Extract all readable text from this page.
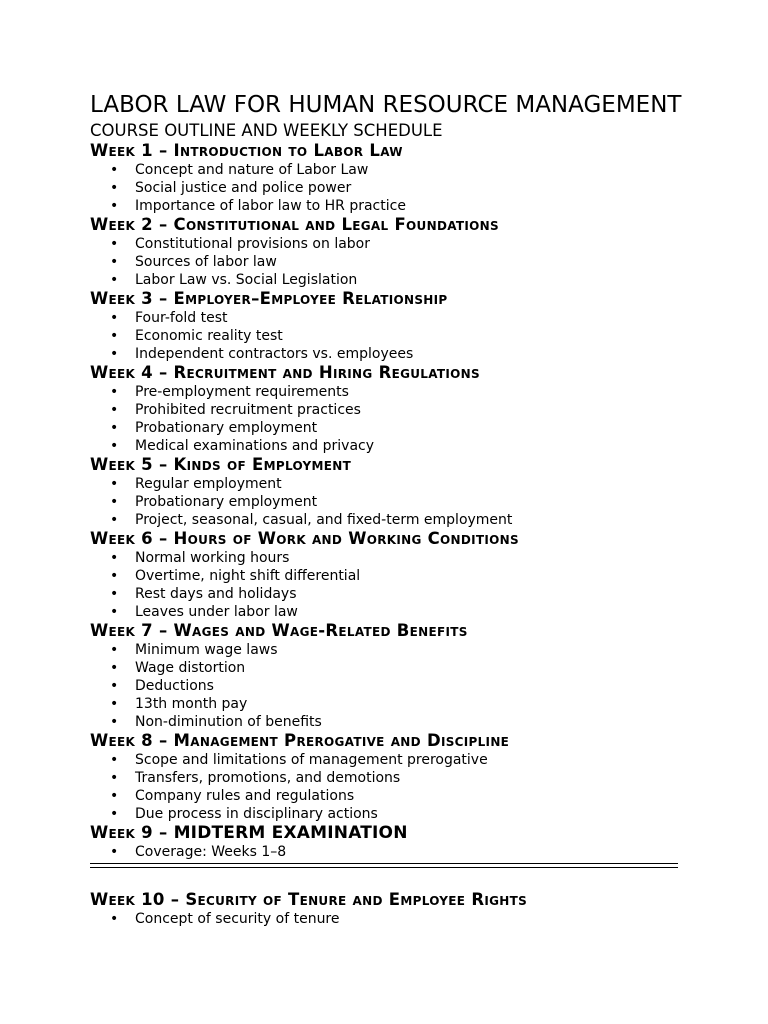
LABOR LAW FOR HUMAN RESOURCE MANAGEMENT
COURSE OUTLINE AND WEEKLY SCHEDULE
Week 1 – Introduction to Labor Law
• Concept and nature of Labor Law
• Social justice and police power
• Importance of labor law to HR practice
Week 2 – Constitutional and Legal Foundations
• Constitutional provisions on labor
• Sources of labor law
• Labor Law vs. Social Legislation
Week 3 – Employer–Employee Relationship
• Four-fold test
• Economic reality test
• Independent contractors vs. employees
Week 4 – Recruitment and Hiring Regulations
• Pre-employment requirements
• Prohibited recruitment practices
• Probationary employment
• Medical examinations and privacy
Week 5 – Kinds of Employment
• Regular employment
• Probationary employment
• Project, seasonal, casual, and fixed-term employment
Week 6 – Hours of Work and Working Conditions
• Normal working hours
• Overtime, night shift differential
• Rest days and holidays
• Leaves under labor law
Week 7 – Wages and Wage-Related Benefits
• Minimum wage laws
• Wage distortion
• Deductions
• 13th month pay
• Non-diminution of benefits
Week 8 – Management Prerogative and Discipline
• Scope and limitations of management prerogative
• Transfers, promotions, and demotions
• Company rules and regulations
• Due process in disciplinary actions
Week 9 – MIDTERM EXAMINATION
• Coverage: Weeks 1–8
Week 10 – Security of Tenure and Employee Rights
• Concept of security of tenure
